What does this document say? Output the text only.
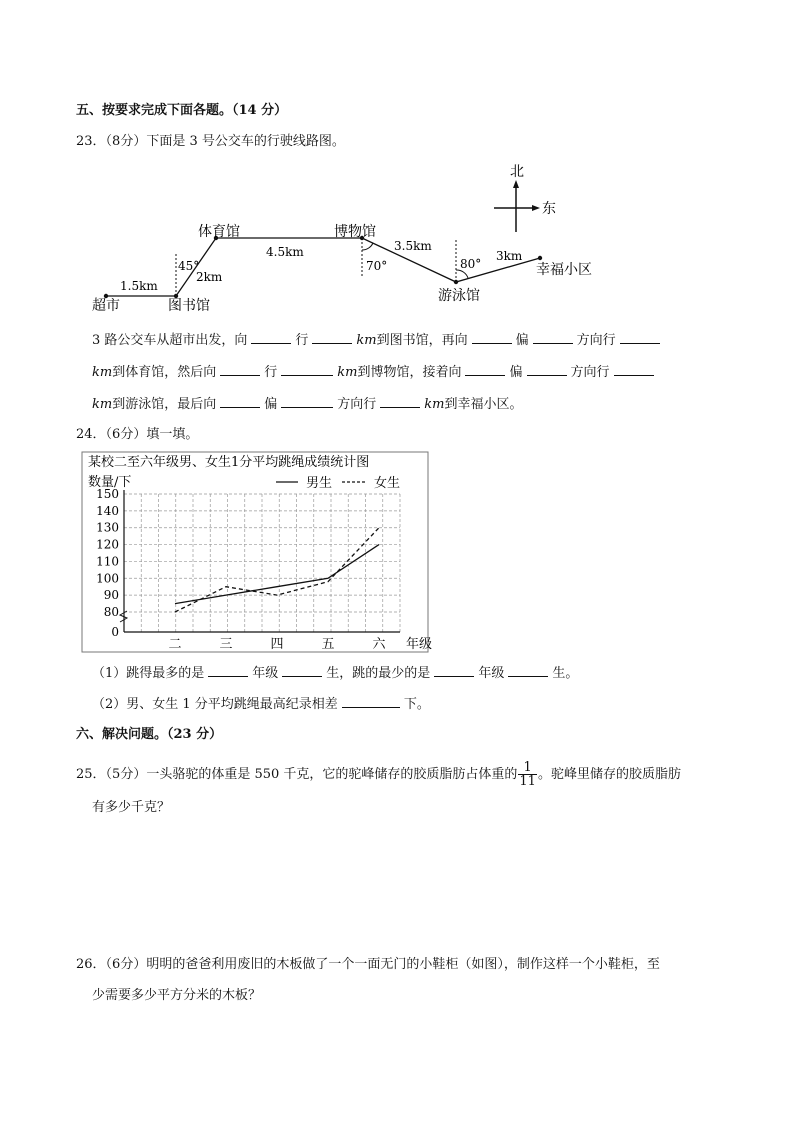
五、按要求完成下面各题。（14 分）
23．（8分）下面是 3 号公交车的行驶线路图。
北
东
超市	图书馆
体育馆	博物馆
游泳馆
幸福小区
1.5km
2km
4.5km	3.5km
3km
45°	70°	80°
3 路公交车从超市出发，向	行	km到图书馆，再向	偏	方向行
km到体育馆，然后向	行	km到博物馆，接着向	偏	方向行
km到游泳馆，最后向	偏	方向行	km到幸福小区。
24．（6分）填一填。
某校二至六年级男、女生1分平均跳绳成绩统计图
数量/下	男生	女生
0
80
90
100
110
120
130
140
150
二	三	四	五	六 年级
（1）跳得最多的是	年级	生，跳的最少的是	年级	生。
（2）男、女生 1 分平均跳绳最高纪录相差	下。
六、解决问题。（23 分）
25．（5分）一头骆驼的体重是 550 千克，它的驼峰储存的胶质脂肪占体重的 $\frac{1}{11}$ 。驼峰里储存的胶质脂肪
有多少千克？
26．（6分）明明的爸爸利用废旧的木板做了一个一面无门的小鞋柜（如图），制作这样一个小鞋柜，至
少需要多少平方分米的木板？
